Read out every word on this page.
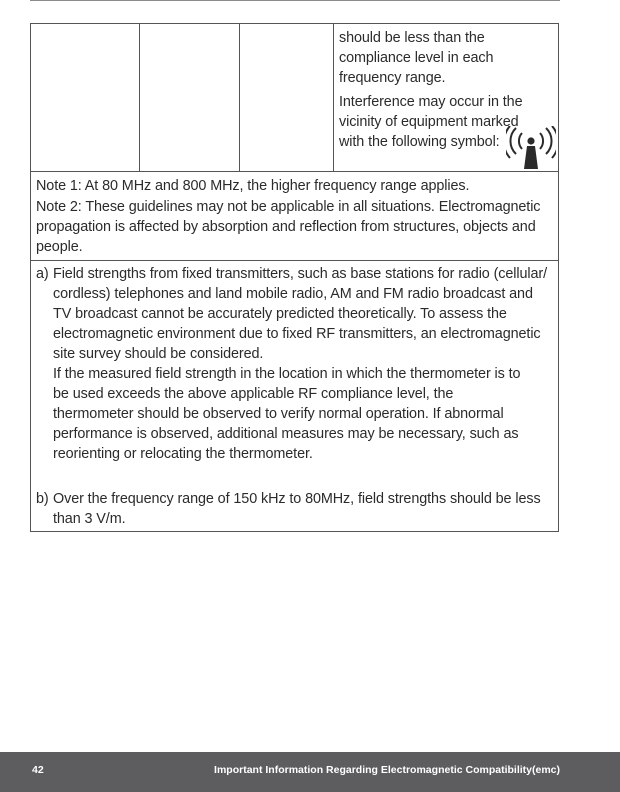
should be less than the compliance level in each frequency range.

Interference may occur in the vicinity of equipment marked with the following symbol:

Note 1: At 80 MHz and 800 MHz, the higher frequency range applies.

Note 2: These guidelines may not be applicable in all situations. Electromagnetic propagation is affected by absorption and reflection from structures, objects and people.

a) Field strengths from fixed transmitters, such as base stations for radio (cellular/ cordless) telephones and land mobile radio, AM and FM radio broadcast and TV broadcast cannot be accurately predicted theoretically. To assess the electromagnetic environment due to fixed RF transmitters, an electromagnetic site survey should be considered.

If the measured field strength in the location in which the thermometer is to be used exceeds the above applicable RF compliance level, the thermometer should be observed to verify normal operation. If abnormal performance is observed, additional measures may be necessary, such as reorienting or relocating the thermometer.

b) Over the frequency range of 150 kHz to 80MHz, field strengths should be less than 3 V/m.

42	Important Information Regarding Electromagnetic Compatibility(emc)
